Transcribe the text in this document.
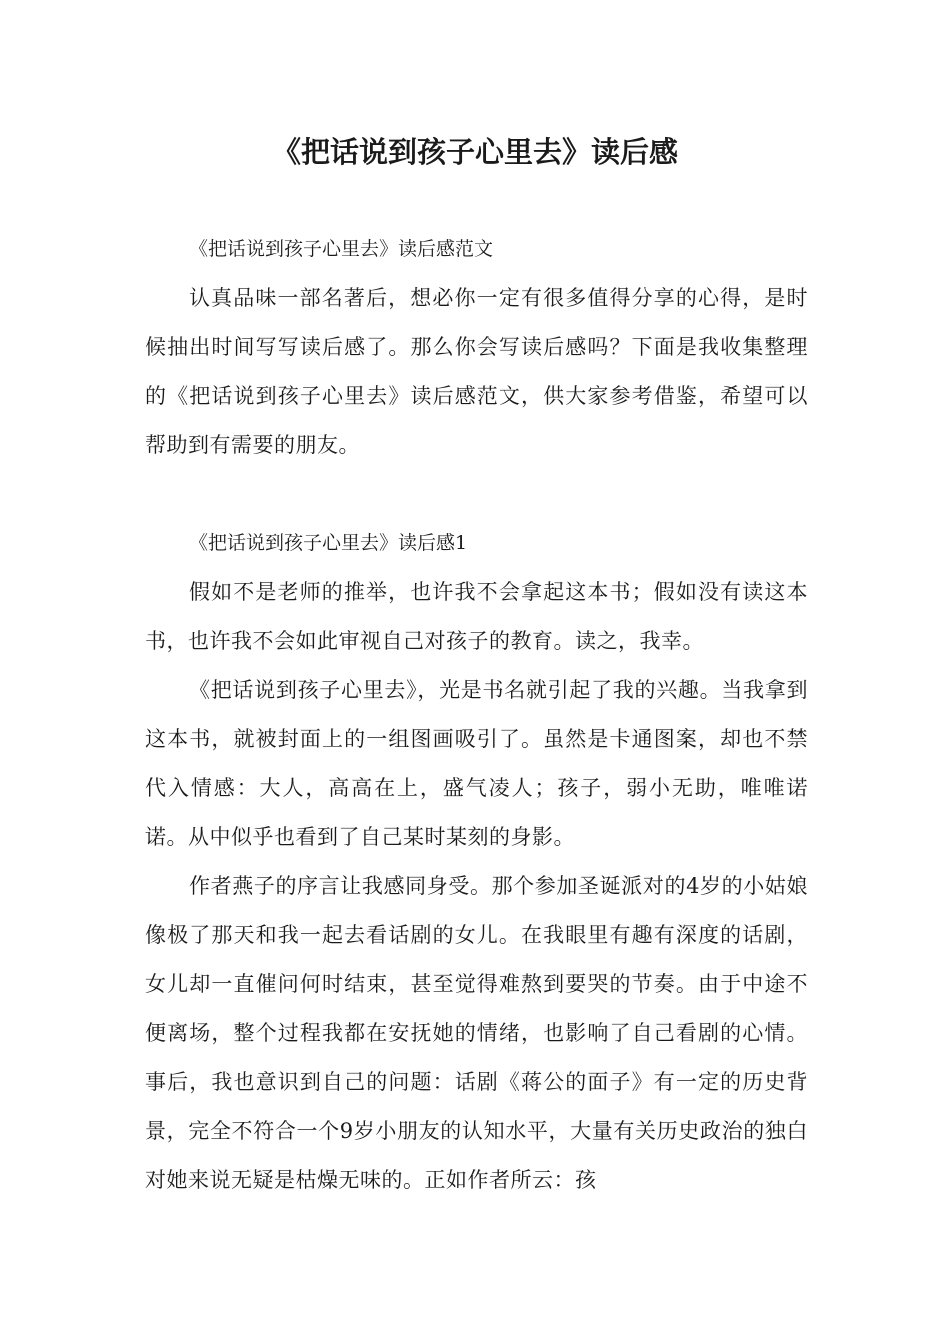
《把话说到孩子心里去》读后感

《把话说到孩子心里去》读后感范文

认真品味一部名著后，想必你一定有很多值得分享的心得，是时候抽出时间写写读后感了。那么你会写读后感吗？下面是我收集整理的《把话说到孩子心里去》读后感范文，供大家参考借鉴，希望可以帮助到有需要的朋友。

《把话说到孩子心里去》读后感1

假如不是老师的推举，也许我不会拿起这本书；假如没有读这本书，也许我不会如此审视自己对孩子的教育。读之，我幸。

《把话说到孩子心里去》，光是书名就引起了我的兴趣。当我拿到这本书，就被封面上的一组图画吸引了。虽然是卡通图案，却也不禁代入情感：大人，高高在上，盛气凌人；孩子，弱小无助，唯唯诺诺。从中似乎也看到了自己某时某刻的身影。

作者燕子的序言让我感同身受。那个参加圣诞派对的4岁的小姑娘像极了那天和我一起去看话剧的女儿。在我眼里有趣有深度的话剧，女儿却一直催问何时结束，甚至觉得难熬到要哭的节奏。由于中途不便离场，整个过程我都在安抚她的情绪，也影响了自己看剧的心情。事后，我也意识到自己的问题：话剧《蒋公的面子》有一定的历史背景，完全不符合一个9岁小朋友的认知水平，大量有关历史政治的独白对她来说无疑是枯燥无味的。正如作者所云：孩
